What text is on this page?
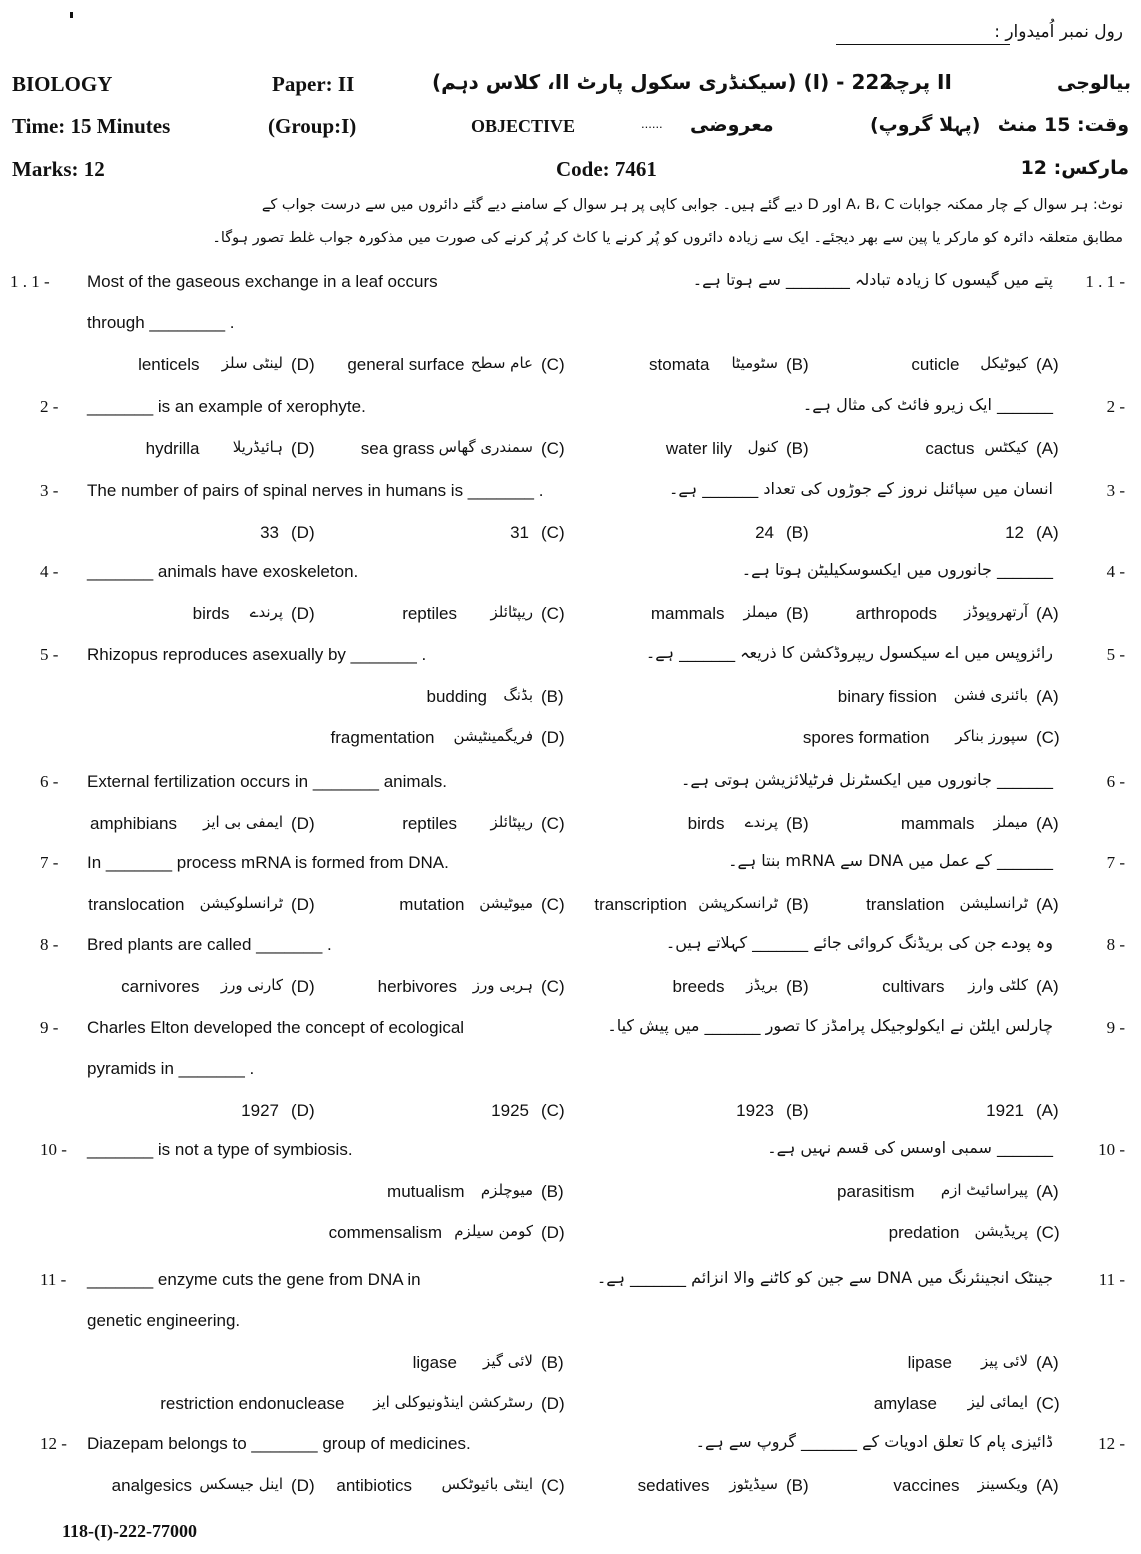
رول نمبر اُمیدوار :
BIOLOGY	Paper: II	222 - (I) (سیکنڈری سکول پارٹ II، کلاس دہم)
II پرچہ	بیالوجی
Time: 15 Minutes	(Group:I)	OBJECTIVE	...... معروضی	(پہلا گروپ) وقت: 15 منٹ
Marks: 12	Code: 7461	مارکس: 12
نوٹ: ہر سوال کے چار ممکنہ جوابات A، B، C اور D دیے گئے ہیں۔ جوابی کاپی پر ہر سوال کے سامنے دیے گئے دائروں میں سے درست جواب کے
مطابق متعلقہ دائرہ کو مارکر یا پین سے بھر دیجئے۔ ایک سے زیادہ دائروں کو پُر کرنے یا کاٹ کر پُر کرنے کی صورت میں مذکورہ جواب غلط تصور ہوگا۔
1 . 1 - Most of the gaseous exchange in a leaf occurs	پتے میں گیسوں کا زیادہ تبادلہ ________ سے ہوتا ہے۔ 1 . 1 -
through ________ .
(A)
کیوٹیکل
cuticle
(B)
سٹومیٹا
stomata
(C)
عام سطح
general surface
(D)
لینٹی سلز
lenticels
2 - _______ is an example of xerophyte.	_______ ایک زیرو فائٹ کی مثال ہے۔	2 -
(A)
کیکٹس
cactus
(B)
کنول
water lily
(C)
سمندری گھاس
sea grass
(D)
ہائیڈریلا
hydrilla
3 - The number of pairs of spinal nerves in humans is _______ .	انسان میں سپائنل نروز کے جوڑوں کی تعداد _______ ہے۔	3 -
(A)
12
(B)
24
(C)
31
(D)
33
4 - _______ animals have exoskeleton.	_______ جانوروں میں ایکسوسکیلیٹن ہوتا ہے۔	4 -
(A)
آرتھروپوڈز
arthropods
(B)
میملز
mammals
(C)
ریپٹائلز
reptiles
(D)
پرندے
birds
5 - Rhizopus reproduces asexually by _______ .	رائزوپس میں اے سیکسول ریپروڈکشن کا ذریعہ _______ ہے۔	5 -
(A)
بائنری فشن
binary fission
(B)
بڈنگ
budding
(C)
سپورز بناکر
spores formation
(D)
فریگمینٹیشن
fragmentation
6 - External fertilization occurs in _______ animals.	_______ جانوروں میں ایکسٹرنل فرٹیلائزیشن ہوتی ہے۔	6 -
(A)
میملز
mammals
(B)
پرندے
birds
(C)
ریپٹائلز
reptiles
(D)
ایمفی بی ایز
amphibians
7 - In _______ process mRNA is formed from DNA.	_______ کے عمل میں DNA سے mRNA بنتا ہے۔	7 -
(A)
ٹرانسلیشن
translation
(B)
ٹرانسکرپشن
transcription
(C)
میوٹیشن
mutation
(D)
ٹرانسلوکیشن
translocation
8 - Bred plants are called _______ .	وہ پودے جن کی بریڈنگ کروائی جائے _______ کہلاتے ہیں۔	8 -
(A)
کلٹی وارز
cultivars
(B)
بریڈز
breeds
(C)
ہربی ورز
herbivores
(D)
کارنی ورز
carnivores
9 - Charles Elton developed the concept of ecological	چارلس ایلٹن نے ایکولوجیکل پرامڈز کا تصور _______ میں پیش کیا۔	9 -
pyramids in _______ .
(A)
1921
(B)
1923
(C)
1925
(D)
1927
10 - _______ is not a type of symbiosis.	_______ سمبی اوسس کی قسم نہیں ہے۔	10 -
(A)
پیراسائیٹ ازم
parasitism
(B)
میوچلزم
mutualism
(C)
پریڈیشن
predation
(D)
کومن سیلزم
commensalism
11 - _______ enzyme cuts the gene from DNA in	جینٹک انجینئرنگ میں DNA سے جین کو کاٹنے والا انزائم _______ ہے۔	11 -
genetic engineering.
(A)
لائی پیز
lipase
(B)
لائی گیز
ligase
(C)
ایمائی لیز
amylase
(D)
رسٹرکشن اینڈونیوکلی ایز
restriction endonuclease
12 - Diazepam belongs to _______ group of medicines.	ڈائیزی پام کا تعلق ادویات کے _______ گروپ سے ہے۔	12 -
(A)
ویکسینز
vaccines
(B)
سیڈیٹوز
sedatives
(C)
اینٹی بائیوٹکس
antibiotics
(D)
اینل جیسکس
analgesics
118-(I)-222-77000
